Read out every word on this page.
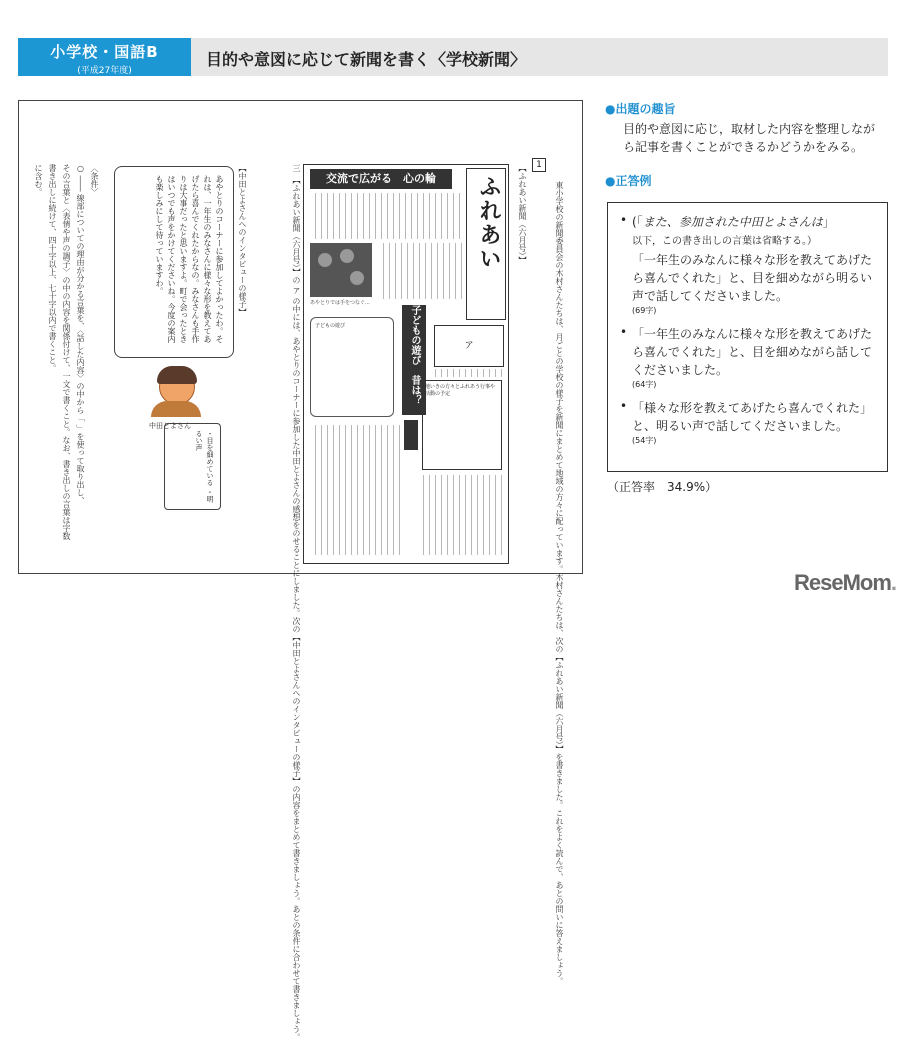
小学校・国語B
(平成27年度)
目的や意図に応じて新聞を書く〈学校新聞〉
1
東小学校の新聞委員会の木村さんたちは、月ごとの学校の様子を新聞にまとめて地域の方々に配っています。木村さんたちは、次の【ふれあい新聞（六月号）】を書きました。これをよく読んで、あとの問いに答えましょう。
【ふれあい新聞（六月号）】
ふれあい
交流で広がる　心の輪
あやとりでは手をつなぐ...
子どもの遊び	子どもの遊び　昔は？	ア
地いきの方々とふれあう行事や活動の予定
三　【ふれあい新聞（六月号）】の ア の中には、あやとりのコーナーに参加した中田とよさんの感想をのせることにしました。次の【中田とよさんへのインタビューの様子】の内容をまとめて書きましょう。あとの条件に合わせて書きましょう。
【中田とよさんへのインタビューの様子】
あやとりのコーナーに参加してよかったわ。それは、一年生のみなさんに様々な形を教えてあげたら喜んでくれたからなの。みなさんも手作りは大事だったと思いますよ。町で会ったときはいつでも声をかけてくださいね。今度の案内も楽しみにして待っていますわ。
中田とよさん
・目を細めている ・明るい声
〈条件〉
○ ―― 線部についての理由が分かる言葉を、〈話した内容〉の中から「 」を使って取り出し、
その言葉と〈表情や声の調子〉の中の内容を関係付けて、一文で書くこと。なお、書き出しの言葉は字数
書き出しに続けて、四十字以上、七十字以内で書くこと。
に含む。
●出題の趣旨
目的や意図に応じ，取材した内容を整理しながら記事を書くことができるかどうかをみる。
●正答例
• (「また、参加された中田とよさんは」
以下，この書き出しの言葉は省略する。）
「一年生のみなんに様々な形を教えてあげたら喜んでくれた」と、目を細めながら明るい声で話してくださいました。
(69字)
• 「一年生のみなんに様々な形を教えてあげたら喜んでくれた」と、目を細めながら話してくださいました。
(64字)
• 「様々な形を教えてあげたら喜んでくれた」と、明るい声で話してくださいました。
(54字)
（正答率　34.9%）
ReseMom.
